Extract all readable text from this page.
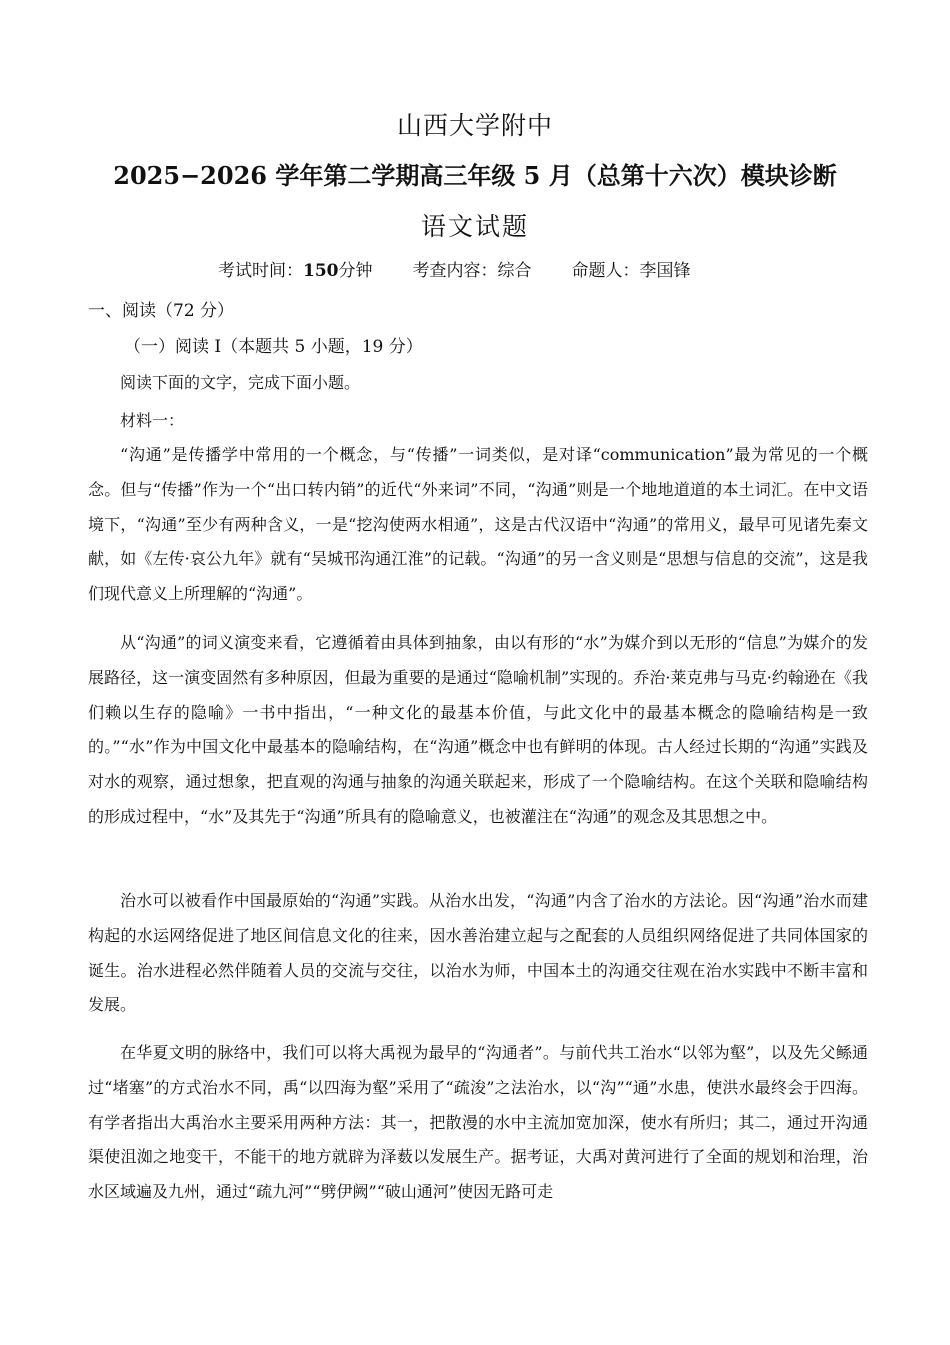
山西大学附中
2025−2026 学年第二学期高三年级 5 月（总第十六次）模块诊断
语文试题
考试时间：150分钟 考查内容：综合 命题人：李国锋
一、阅读（72 分）
（一）阅读 I（本题共 5 小题，19 分）
阅读下面的文字，完成下面小题。
材料一：

“沟通”是传播学中常用的一个概念，与“传播”一词类似，是对译“communication”最为常见的一个概念。但与“传播”作为一个“出口转内销”的近代“外来词”不同，“沟通”则是一个地地道道的本土词汇。在中文语境下，“沟通”至少有两种含义，一是“挖沟使两水相通”，这是古代汉语中“沟通”的常用义，最早可见诸先秦文献，如《左传·哀公九年》就有“吴城邗沟通江淮”的记载。“沟通”的另一含义则是“思想与信息的交流”，这是我们现代意义上所理解的“沟通”。

从“沟通”的词义演变来看，它遵循着由具体到抽象，由以有形的“水”为媒介到以无形的“信息”为媒介的发展路径，这一演变固然有多种原因，但最为重要的是通过“隐喻机制”实现的。乔治·莱克弗与马克·约翰逊在《我们赖以生存的隐喻》一书中指出，“一种文化的最基本价值，与此文化中的最基本概念的隐喻结构是一致的。”“水”作为中国文化中最基本的隐喻结构，在“沟通”概念中也有鲜明的体现。古人经过长期的“沟通”实践及对水的观察，通过想象，把直观的沟通与抽象的沟通关联起来，形成了一个隐喻结构。在这个关联和隐喻结构的形成过程中，“水”及其先于“沟通”所具有的隐喻意义，也被灌注在“沟通”的观念及其思想之中。

治水可以被看作中国最原始的“沟通”实践。从治水出发，“沟通”内含了治水的方法论。因“沟通”治水而建构起的水运网络促进了地区间信息文化的往来，因水善治建立起与之配套的人员组织网络促进了共同体国家的诞生。治水进程必然伴随着人员的交流与交往，以治水为师，中国本土的沟通交往观在治水实践中不断丰富和发展。

在华夏文明的脉络中，我们可以将大禹视为最早的“沟通者”。与前代共工治水“以邻为壑”，以及先父鲧通过“堵塞”的方式治水不同，禹“以四海为壑”采用了“疏浚”之法治水，以“沟”“通”水患，使洪水最终会于四海。有学者指出大禹治水主要采用两种方法：其一，把散漫的水中主流加宽加深，使水有所归；其二，通过开沟通渠使沮洳之地变干，不能干的地方就辟为泽薮以发展生产。据考证，大禹对黄河进行了全面的规划和治理，治水区域遍及九州，通过“疏九河”“劈伊阙”“破山通河”使因无路可走
